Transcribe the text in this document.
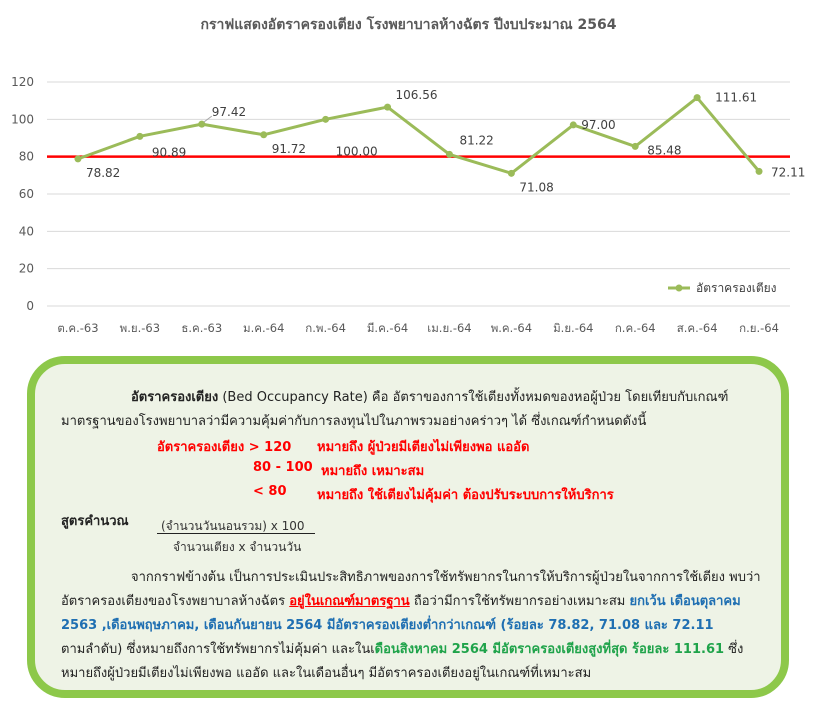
กราฟแสดงอัตราครองเตียง โรงพยาบาลห้างฉัตร ปีงบประมาณ 2564
0
20
40
60
80
100
120
ต.ค.-63 พ.ย.-63 ธ.ค.-63 ม.ค.-64 ก.พ.-64 มี.ค.-64 เม.ย.-64 พ.ค.-64 มิ.ย.-64 ก.ค.-64 ส.ค.-64 ก.ย.-64
78.82
90.89
97.42
91.72 100.00
106.56
81.22
71.08
97.00
85.48
111.61
72.11
อัตราครองเตียง
อัตราครองเตียง (Bed Occupancy Rate) คือ อัตราของการใช้เตียงทั้งหมดของหอผู้ป่วย โดยเทียบกับเกณฑ์
มาตรฐานของโรงพยาบาลว่ามีความคุ้มค่ากับการลงทุนไปในภาพรวมอย่างคร่าวๆ ได้ ซึ่งเกณฑ์กำหนดดังนี้
อัตราครองเตียง > 120 หมายถึง ผู้ป่วยมีเตียงไม่เพียงพอ แออัด
80 - 100 หมายถึง เหมาะสม
< 80 หมายถึง ใช้เตียงไม่คุ้มค่า ต้องปรับระบบการให้บริการ
สูตรคำนวณ	(จำนวนวันนอนรวม) x 100
จำนวนเตียง x จำนวนวัน
จากกราฟข้างต้น เป็นการประเมินประสิทธิภาพของการใช้ทรัพยากรในการให้บริการผู้ป่วยในจากการใช้เตียง พบว่า
อัตราครองเตียงของโรงพยาบาลห้างฉัตร อยู่ในเกณฑ์มาตรฐาน ถือว่ามีการใช้ทรัพยากรอย่างเหมาะสม ยกเว้น เดือนตุลาคม
2563 ,เดือนพฤษภาคม, เดือนกันยายน 2564 มีอัตราครองเตียงต่ำกว่าเกณฑ์ (ร้อยละ 78.82, 71.08 และ 72.11
ตามลำดับ) ซึ่งหมายถึงการใช้ทรัพยากรไม่คุ้มค่า และในเดือนสิงหาคม 2564 มีอัตราครองเตียงสูงที่สุด ร้อยละ 111.61 ซึ่ง
หมายถึงผู้ป่วยมีเตียงไม่เพียงพอ แออัด และในเดือนอื่นๆ มีอัตราครองเตียงอยู่ในเกณฑ์ที่เหมาะสม
